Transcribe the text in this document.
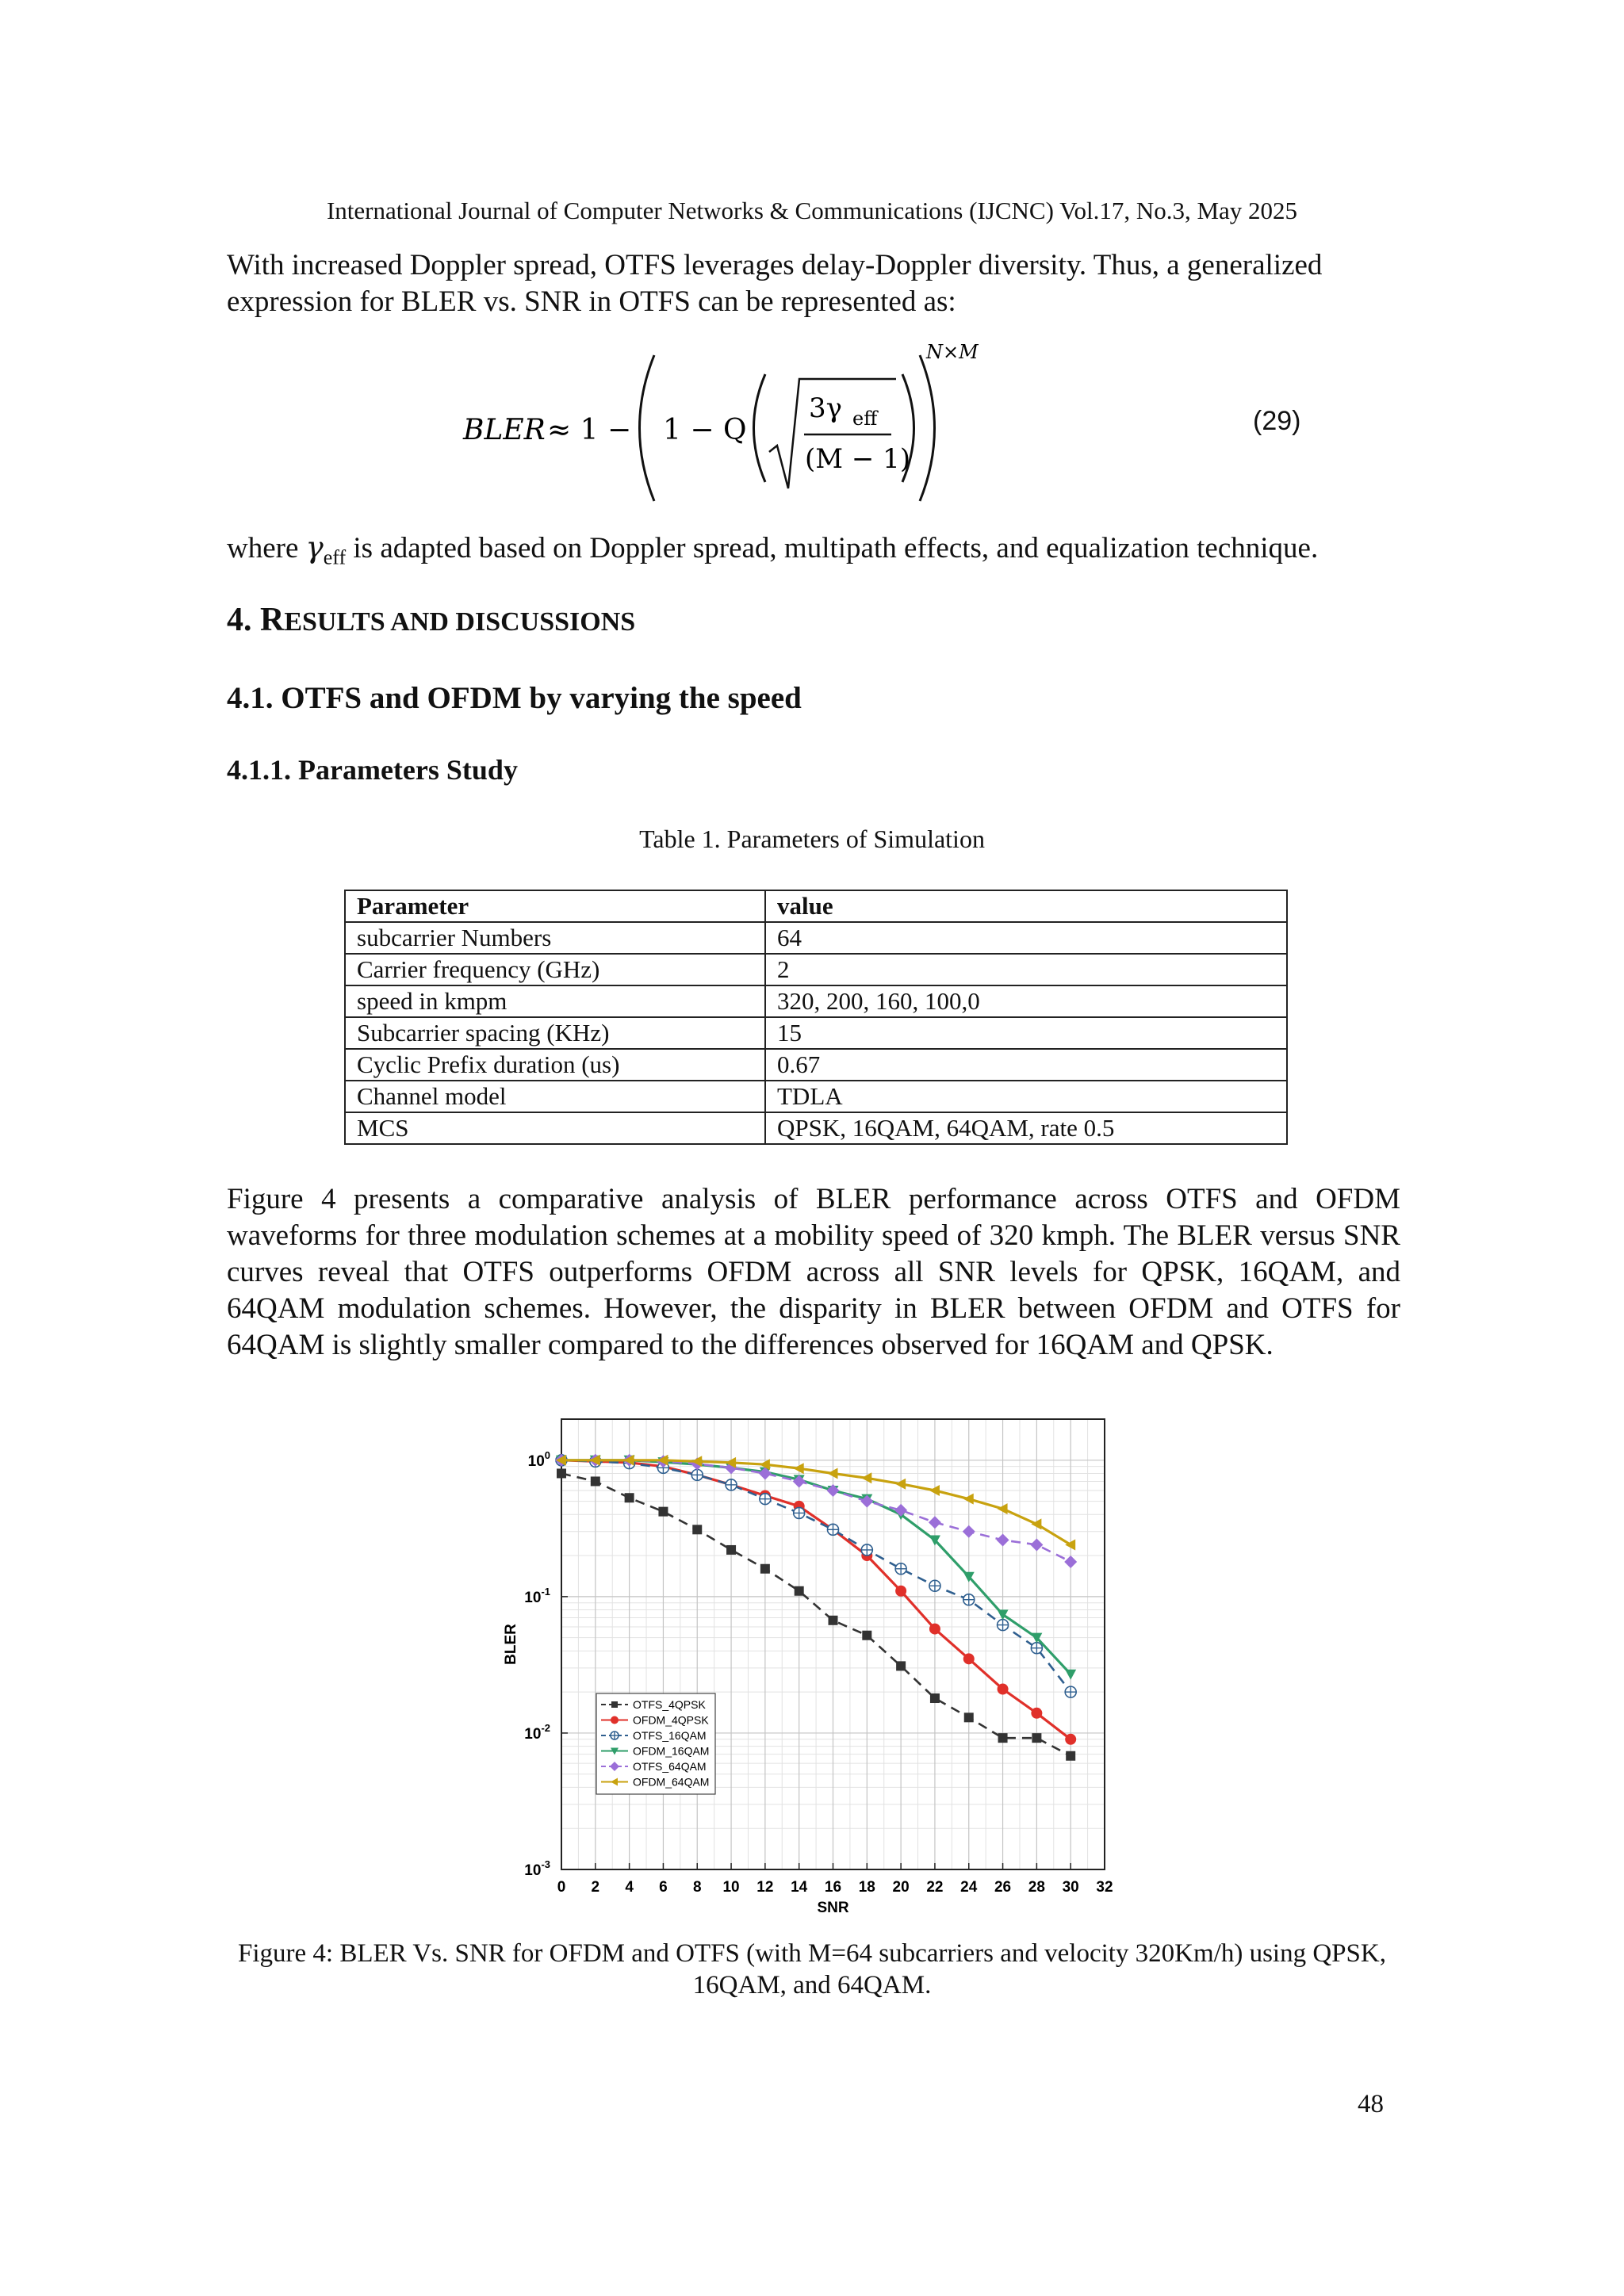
International Journal of Computer Networks & Communications (IJCNC) Vol.17, No.3, May 2025
With increased Doppler spread, OTFS leverages delay-Doppler diversity. Thus, a generalized expression for BLER vs. SNR in OTFS can be represented as:
BLER ≈ 1 − 1 − Q
3γ eff
(M − 1)
N×M
(29)
where $\gamma_{eff}$ is adapted based on Doppler spread, multipath effects, and equalization technique.
4. RESULTS AND DISCUSSIONS
4.1. OTFS and OFDM by varying the speed
4.1.1. Parameters Study
Table 1. Parameters of Simulation
Parameter	value
subcarrier Numbers	64
Carrier frequency (GHz)	2
speed in kmpm	320, 200, 160, 100,0
Subcarrier spacing (KHz)	15
Cyclic Prefix duration (us)	0.67
Channel model	TDLA
MCS	QPSK, 16QAM, 64QAM, rate 0.5
Figure 4 presents a comparative analysis of BLER performance across OTFS and OFDM waveforms for three modulation schemes at a mobility speed of 320 kmph. The BLER versus SNR curves reveal that OTFS outperforms OFDM across all SNR levels for QPSK, 16QAM, and 64QAM modulation schemes. However, the disparity in BLER between OFDM and OTFS for 64QAM is slightly smaller compared to the differences observed for 16QAM and QPSK.
0 2 4 6 8 10 12 14 16 18 20 22 24 26 28 30 32
$10^0$
$10^{-1}$
$10^{-2}$
$10^{-3}$
SNR
BLER
OTFS_4QPSK
OFDM_4QPSK
OTFS_16QAM
OFDM_16QAM
OTFS_64QAM
OFDM_64QAM
Figure 4: BLER Vs. SNR for OFDM and OTFS (with M=64 subcarriers and velocity 320Km/h) using QPSK, 16QAM, and 64QAM.
48
